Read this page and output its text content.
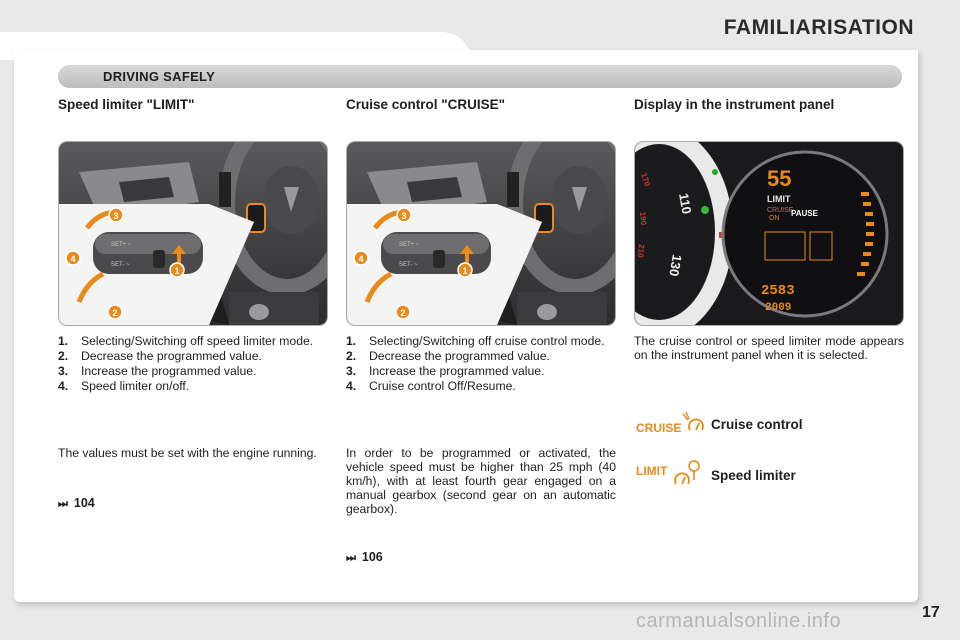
FAMILIARISATION
DRIVING SAFELY
Speed limiter "LIMIT"	Cruise control "CRUISE"	Display in the instrument panel
SET+ ~
SET- ~
3
4
1
2
SET+ ~
SET- ~
3
4
1
2
110
130
170
190
210
55
LIMIT
CRUISE
ON
PAUSE
2583
2009
1.	Selecting/Switching off speed limiter mode.
2.	Decrease the programmed value.
3.	Increase the programmed value.
4.	Speed limiter on/off.
1.	Selecting/Switching off cruise control mode.
2.	Decrease the programmed value.
3.	Increase the programmed value.
4.	Cruise control Off/Resume.
The cruise control or speed limiter mode appears on the instrument panel when it is selected.
The values must be set with the engine running.	In order to be programmed or activated, the vehicle speed must be higher than 25 mph (40 km/h), with at least fourth gear engaged on a manual gearbox (second gear on an automatic gearbox).
⏭ 104
⏭ 106
CRUISE Cruise control
LIMIT	Speed limiter
17
carmanualsonline.info
